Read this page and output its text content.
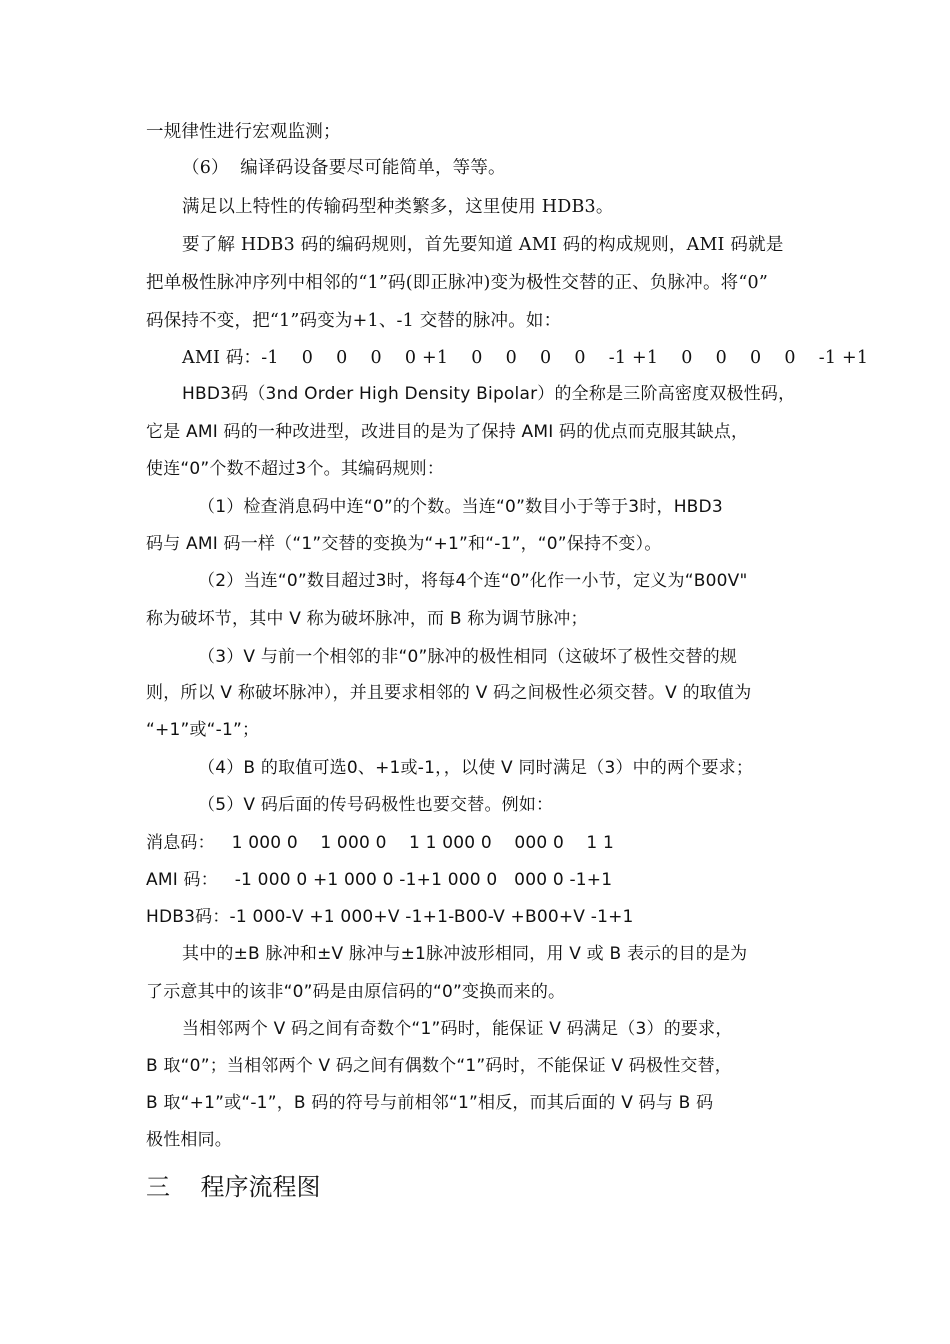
一规律性进行宏观监测；
（6）  编译码设备要尽可能简单，等等。
满足以上特性的传输码型种类繁多，这里使用 HDB3。
要了解 HDB3 码的编码规则，首先要知道 AMI 码的构成规则，AMI 码就是
把单极性脉冲序列中相邻的“1”码(即正脉冲)变为极性交替的正、负脉冲。将“0”
码保持不变，把“1”码变为+1、-1 交替的脉冲。如：
AMI 码：-1    0    0    0    0 +1    0    0    0    0    -1 +1    0    0    0    0    -1 +1
HBD3码（3nd Order High Density Bipolar）的全称是三阶高密度双极性码，
它是 AMI 码的一种改进型，改进目的是为了保持 AMI 码的优点而克服其缺点，
使连“0”个数不超过3个。其编码规则：
（1）检查消息码中连“0”的个数。当连“0”数目小于等于3时，HBD3
码与 AMI 码一样（“1”交替的变换为“+1”和“-1”，“0”保持不变）。
（2）当连“0”数目超过3时，将每4个连“0”化作一小节，定义为“B00V"
称为破坏节，其中 V 称为破坏脉冲，而 B 称为调节脉冲；
（3）V 与前一个相邻的非“0”脉冲的极性相同（这破坏了极性交替的规
则，所以 V 称破坏脉冲），并且要求相邻的 V 码之间极性必须交替。V 的取值为
“+1”或“-1”；
（4）B 的取值可选0、+1或-1，，以使 V 同时满足（3）中的两个要求；
（5）V 码后面的传号码极性也要交替。例如：
消息码：   1 000 0    1 000 0    1 1 000 0    000 0    1 1
AMI 码：   -1 000 0 +1 000 0 -1+1 000 0   000 0 -1+1
HDB3码：-1 000-V +1 000+V -1+1-B00-V +B00+V -1+1
其中的±B 脉冲和±V 脉冲与±1脉冲波形相同，用 V 或 B 表示的目的是为
了示意其中的该非“0”码是由原信码的“0”变换而来的。
当相邻两个 V 码之间有奇数个“1”码时，能保证 V 码满足（3）的要求，
B 取“0”；当相邻两个 V 码之间有偶数个“1”码时，不能保证 V 码极性交替，
B 取“+1”或“-1”，B 码的符号与前相邻“1”相反，而其后面的 V 码与 B 码
极性相同。
三    程序流程图
